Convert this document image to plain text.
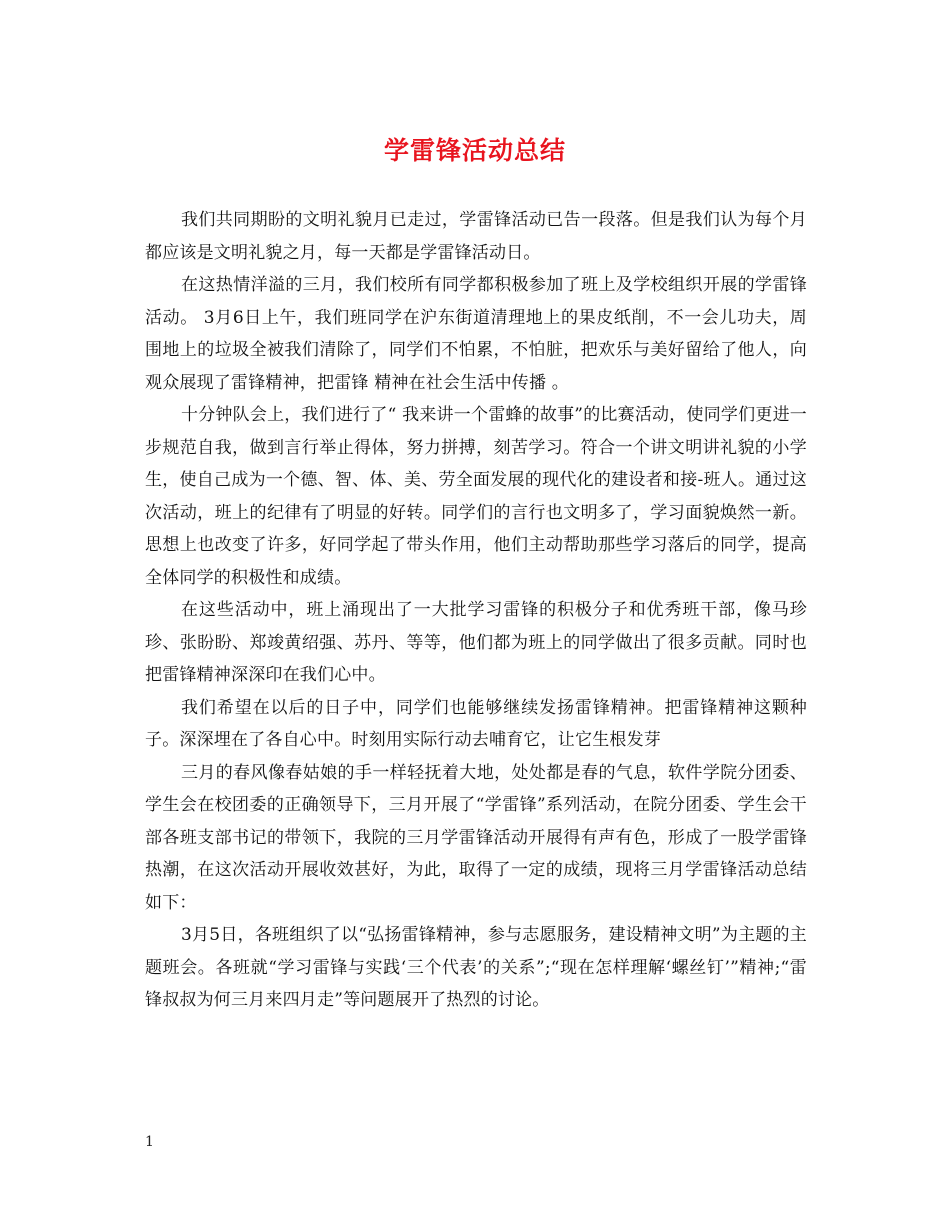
学雷锋活动总结

我们共同期盼的文明礼貌月已走过，学雷锋活动已告一段落。但是我们认为每个月都应该是文明礼貌之月，每一天都是学雷锋活动日。

在这热情洋溢的三月，我们校所有同学都积极参加了班上及学校组织开展的学雷锋活动。 3月6日上午，我们班同学在沪东街道清理地上的果皮纸削，不一会儿功夫，周围地上的垃圾全被我们清除了，同学们不怕累，不怕脏，把欢乐与美好留给了他人，向观众展现了雷锋精神，把雷锋 精神在社会生活中传播 。

十分钟队会上，我们进行了“ 我来讲一个雷蜂的故事”的比赛活动，使同学们更进一步规范自我，做到言行举止得体，努力拼搏，刻苦学习。符合一个讲文明讲礼貌的小学生，使自己成为一个德、智、体、美、劳全面发展的现代化的建设者和接-班人。通过这次活动，班上的纪律有了明显的好转。同学们的言行也文明多了，学习面貌焕然一新。思想上也改变了许多，好同学起了带头作用，他们主动帮助那些学习落后的同学，提高全体同学的积极性和成绩。

在这些活动中，班上涌现出了一大批学习雷锋的积极分子和优秀班干部，像马珍珍、张盼盼、郑竣黄绍强、苏丹、等等，他们都为班上的同学做出了很多贡献。同时也把雷锋精神深深印在我们心中。

我们希望在以后的日子中，同学们也能够继续发扬雷锋精神。把雷锋精神这颗种子。深深埋在了各自心中。时刻用实际行动去哺育它，让它生根发芽

三月的春风像春姑娘的手一样轻抚着大地，处处都是春的气息，软件学院分团委、学生会在校团委的正确领导下，三月开展了“学雷锋”系列活动，在院分团委、学生会干部各班支部书记的带领下，我院的三月学雷锋活动开展得有声有色，形成了一股学雷锋热潮，在这次活动开展收效甚好，为此，取得了一定的成绩，现将三月学雷锋活动总结如下：

3月5日，各班组织了以“弘扬雷锋精神，参与志愿服务，建设精神文明”为主题的主题班会。各班就“学习雷锋与实践‘三个代表’的关系”;“现在怎样理解‘螺丝钉’”精神;“雷锋叔叔为何三月来四月走”等问题展开了热烈的讨论。

1
